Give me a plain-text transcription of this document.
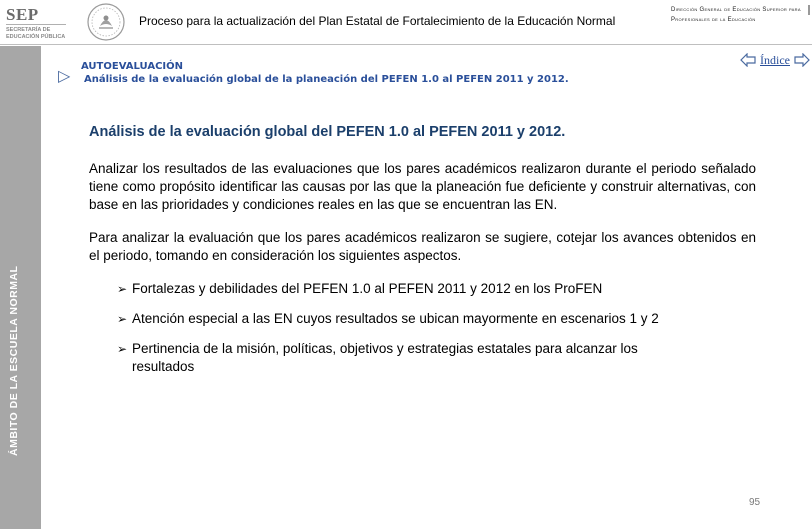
SEP
SECRETARÍA DE EDUCACIÓN PÚBLICA
Proceso para la actualización del Plan Estatal de Fortalecimiento de la Educación Normal
Dirección General de Educación Superior para Profesionales de la Educación
ÁMBITO DE LA ESCUELA NORMAL
▷
AUTOEVALUACIÓN
Análisis de la evaluación global de la planeación del PEFEN 1.0 al PEFEN 2011 y 2012.
Índice
Análisis de la evaluación global del PEFEN 1.0 al PEFEN 2011 y 2012.

Analizar los resultados de las evaluaciones que los pares académicos realizaron durante el periodo señalado tiene como propósito identificar las causas por las que la planeación fue deficiente y construir alternativas, con base en las prioridades y condiciones reales en las que se encuentran las EN.

Para analizar la evaluación que los pares académicos realizaron se sugiere, cotejar los avances obtenidos en el periodo, tomando en consideración los siguientes aspectos.

➢ Fortalezas y debilidades del PEFEN 1.0 al PEFEN 2011 y 2012 en los ProFEN
➢ Atención especial a las EN cuyos resultados se ubican mayormente en escenarios 1 y 2
➢ Pertinencia de la misión, políticas, objetivos y estrategias estatales para alcanzar los resultados
95
